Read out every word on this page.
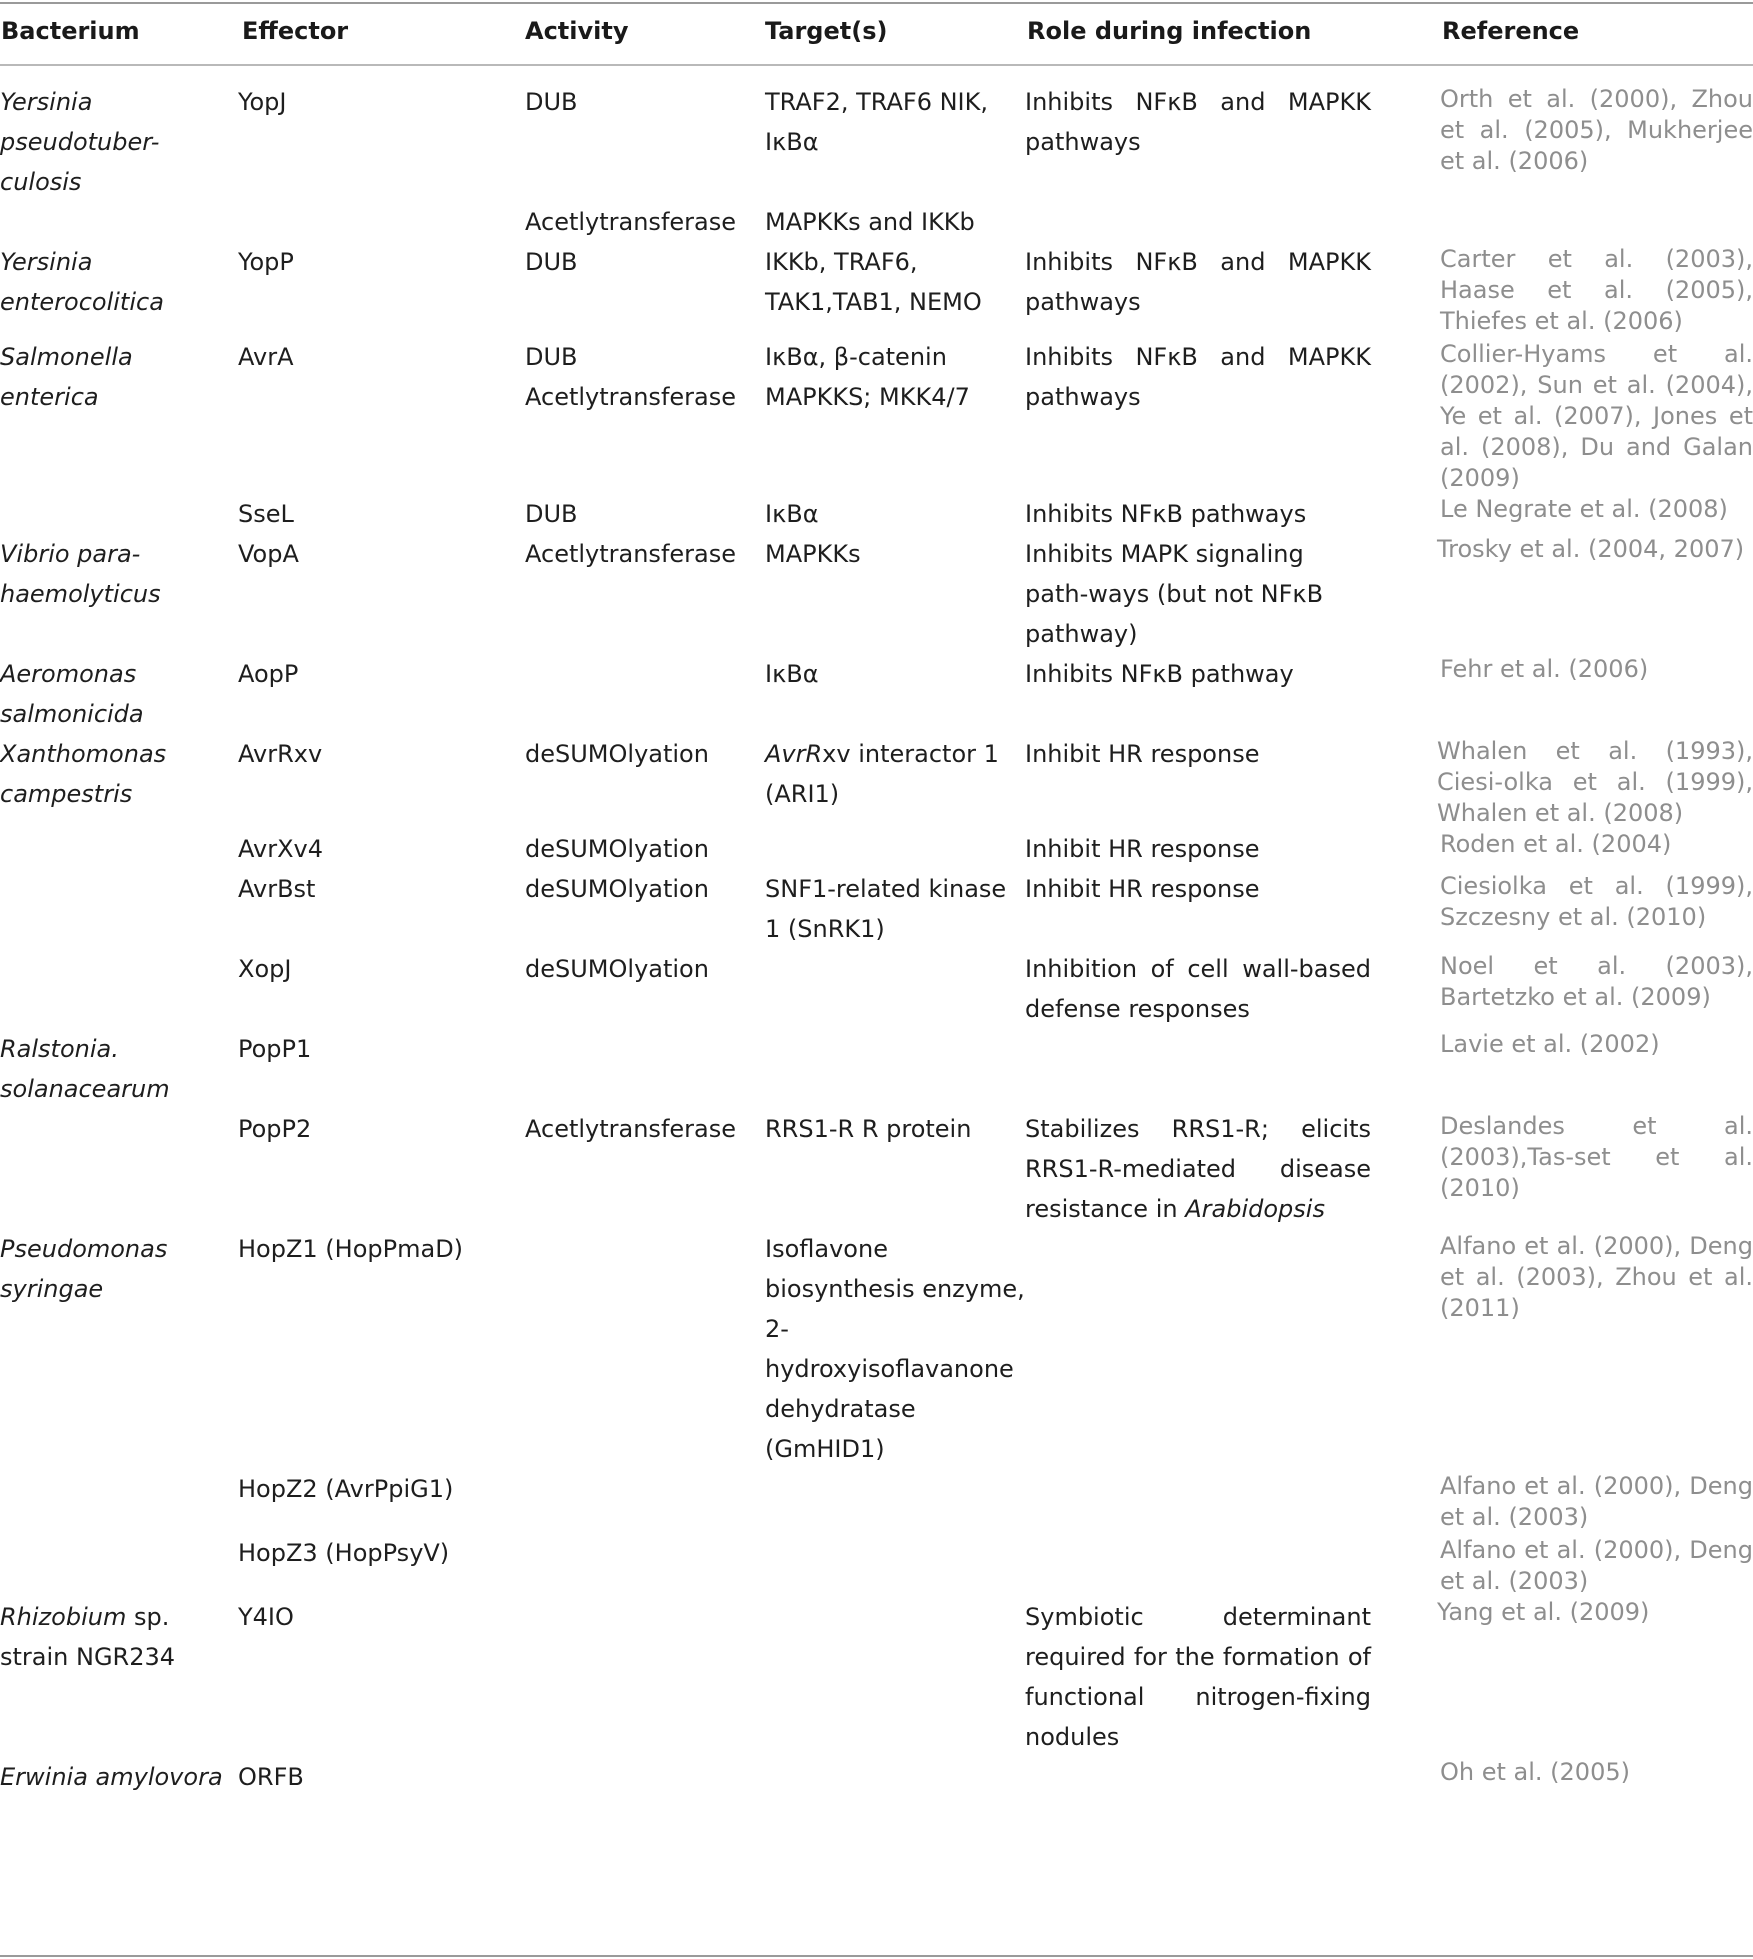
Bacterium	Effector	Activity	Target(s)	Role during infection	Reference
Yersinia pseudotuber-culosis	YopJ	DUB	TRAF2, TRAF6 NIK, IκBα	Inhibits NFκB and MAPKK pathways	Orth et al. (2000), Zhou et al. (2005), Mukherjee et al. (2006)

		Acetlytransferase	MAPKKs and IKKb		
Yersinia enterocolitica	YopP	DUB	IKKb, TRAF6, TAK1,TAB1, NEMO	Inhibits NFκB and MAPKK pathways	Carter et al. (2003), Haase et al. (2005), Thiefes et al. (2006)

Salmonella enterica	AvrA	DUB Acetlytransferase	IκBα, β-catenin MAPKKS; MKK4/7	Inhibits NFκB and MAPKK pathways	Collier-Hyams et al. (2002), Sun et al. (2004), Ye et al. (2007), Jones et al. (2008), Du and Galan (2009)

	SseL	DUB	IκBα	Inhibits NFκB pathways	Le Negrate et al. (2008)

Vibrio para-haemolyticus	VopA	Acetlytransferase	MAPKKs	Inhibits MAPK signaling path-ways (but not NFκB pathway)	Trosky et al. (2004, 2007)

Aeromonas salmonicida	AopP		IκBα	Inhibits NFκB pathway	Fehr et al. (2006)

Xanthomonas campestris	AvrRxv	deSUMOlyation	AvrRxv interactor 1 (ARI1)	Inhibit HR response	Whalen et al. (1993), Ciesi-olka et al. (1999), Whalen et al. (2008)

	AvrXv4	deSUMOlyation		Inhibit HR response	Roden et al. (2004)

	AvrBst	deSUMOlyation	SNF1-related kinase 1 (SnRK1)	Inhibit HR response	Ciesiolka et al. (1999), Szczesny et al. (2010)

	XopJ	deSUMOlyation		Inhibition of cell wall-based defense responses	Noel et al. (2003), Bartetzko et al. (2009)

Ralstonia. solanacearum	PopP1				Lavie et al. (2002)

	PopP2	Acetlytransferase	RRS1-R R protein	Stabilizes RRS1-R; elicits RRS1-R-mediated disease resistance in Arabidopsis	Deslandes et al. (2003),Tas-set et al. (2010)

Pseudomonas syringae	HopZ1 (HopPmaD)		Isoflavone biosynthesis enzyme, 2-hydroxyisoflavanone dehydratase (GmHID1)		Alfano et al. (2000), Deng et al. (2003), Zhou et al. (2011)

	HopZ2 (AvrPpiG1)				Alfano et al. (2000), Deng et al. (2003)

	HopZ3 (HopPsyV)				Alfano et al. (2000), Deng et al. (2003)

Rhizobium sp. strain NGR234	Y4IO			Symbiotic determinant required for the formation of functional nitrogen-fixing nodules	Yang et al. (2009)

Erwinia amylovora	ORFB				Oh et al. (2005)
